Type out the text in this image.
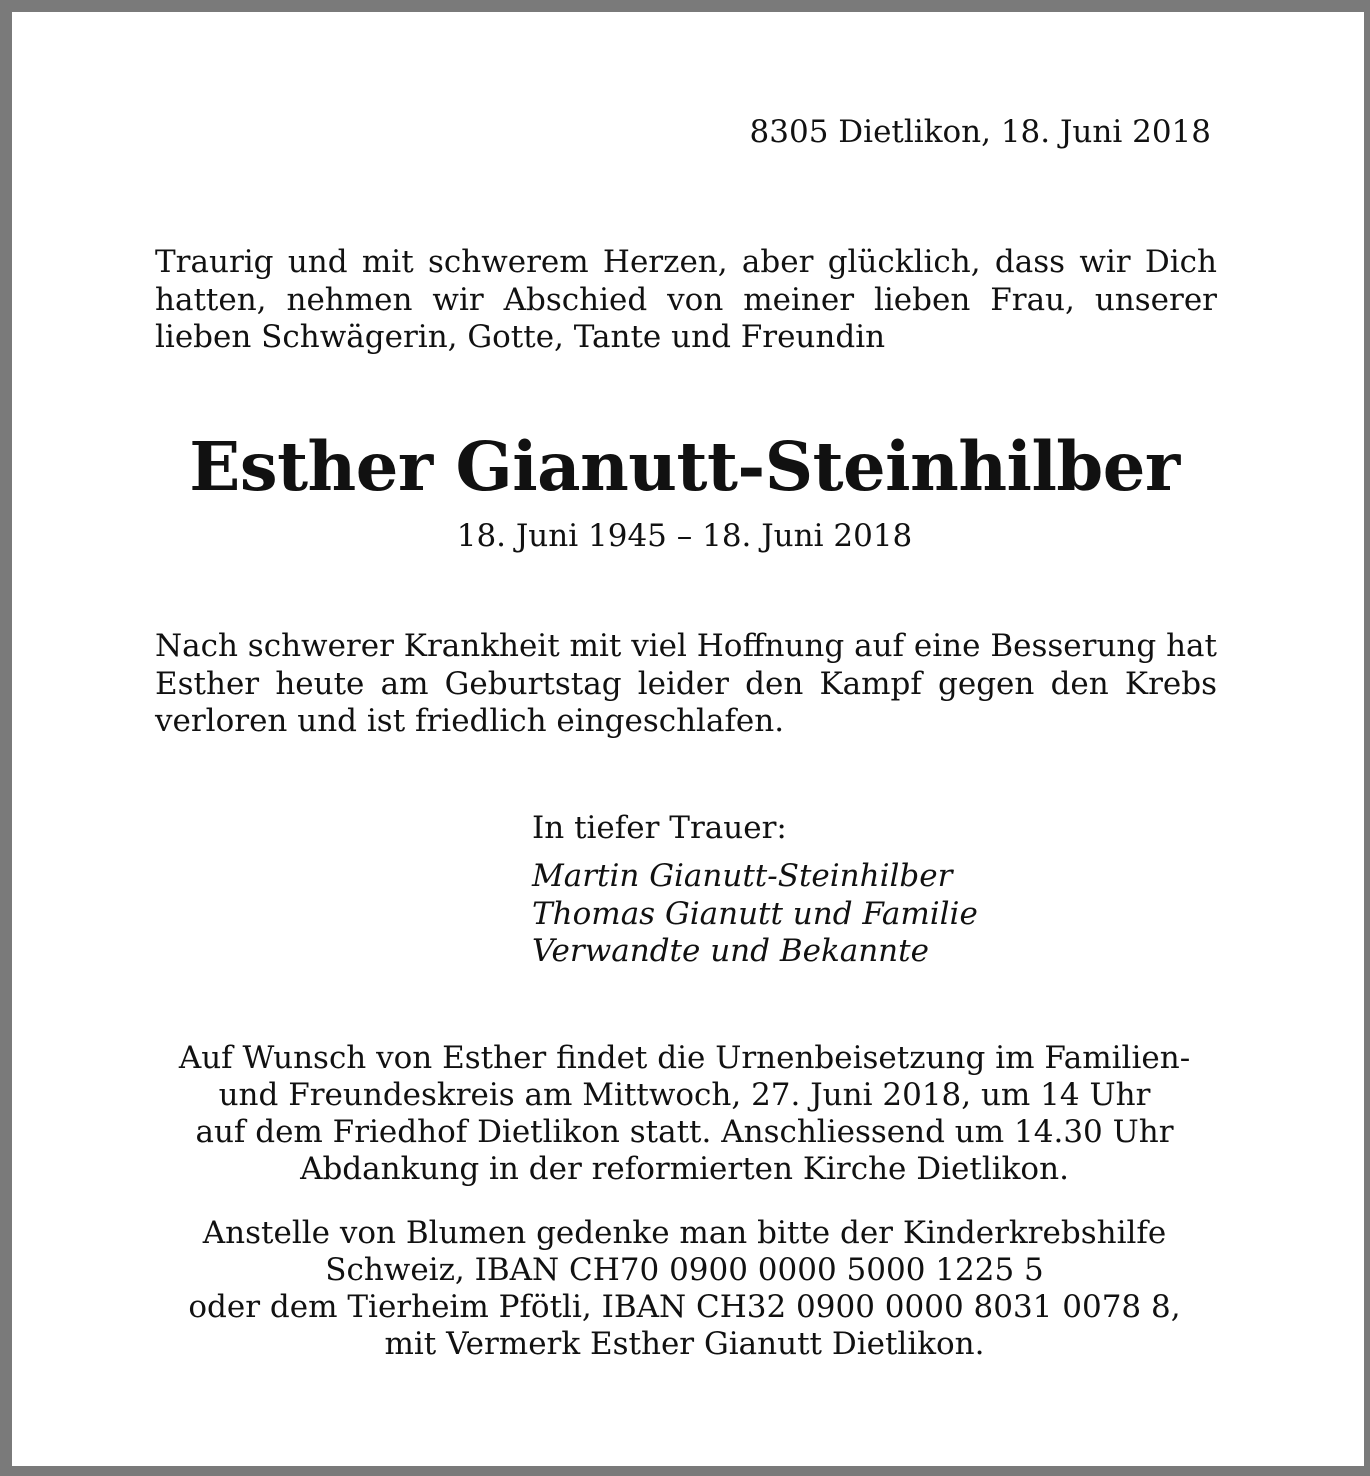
8305 Dietlikon, 18. Juni 2018
Traurig und mit schwerem Herzen, aber glücklich, dass wir Dich hatten, nehmen wir Abschied von meiner lieben Frau, unserer lieben Schwägerin, Gotte, Tante und Freundin
Esther Gianutt-Steinhilber
18. Juni 1945 – 18. Juni 2018
Nach schwerer Krankheit mit viel Hoffnung auf eine Besserung hat Esther heute am Geburtstag leider den Kampf gegen den Krebs verloren und ist friedlich eingeschlafen.
In tiefer Trauer:
Martin Gianutt-Steinhilber
Thomas Gianutt und Familie
Verwandte und Bekannte
Auf Wunsch von Esther findet die Urnenbeisetzung im Familien-
und Freundeskreis am Mittwoch, 27. Juni 2018, um 14 Uhr
auf dem Friedhof Dietlikon statt. Anschliessend um 14.30 Uhr
Abdankung in der reformierten Kirche Dietlikon.
Anstelle von Blumen gedenke man bitte der Kinderkrebshilfe
Schweiz, IBAN CH70 0900 0000 5000 1225 5
oder dem Tierheim Pfötli, IBAN CH32 0900 0000 8031 0078 8,
mit Vermerk Esther Gianutt Dietlikon.
